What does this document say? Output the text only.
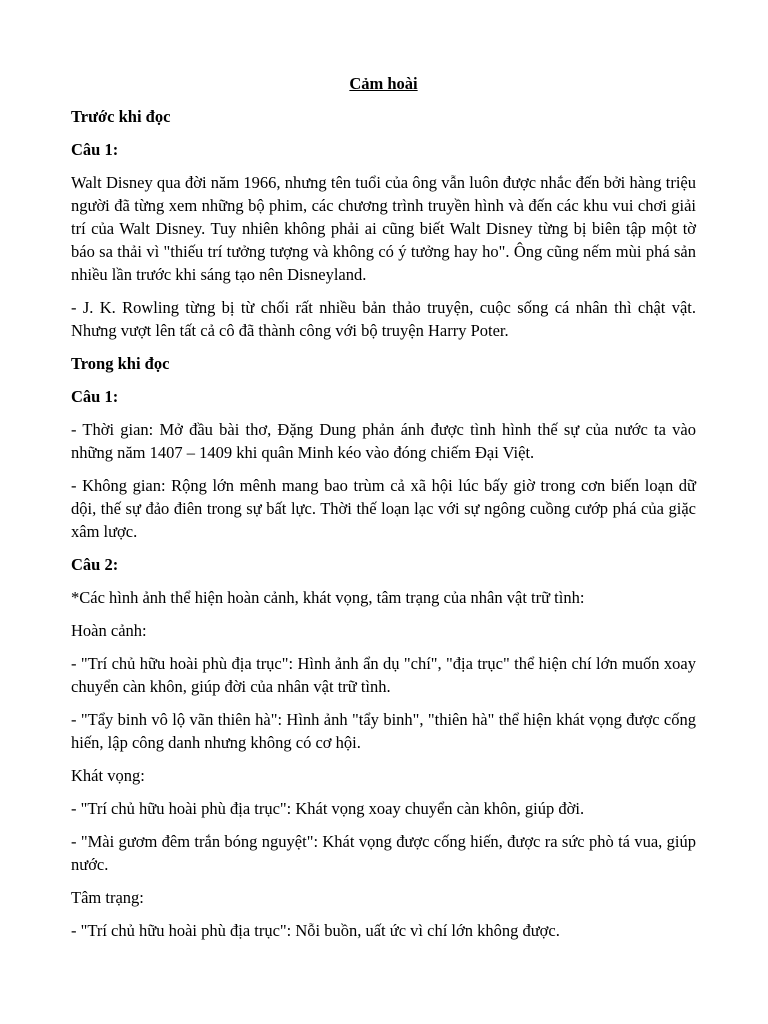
Cảm hoài
Trước khi đọc
Câu 1:
Walt Disney qua đời năm 1966, nhưng tên tuổi của ông vẫn luôn được nhắc đến bởi hàng triệu người đã từng xem những bộ phim, các chương trình truyền hình và đến các khu vui chơi giải trí của Walt Disney. Tuy nhiên không phải ai cũng biết Walt Disney từng bị biên tập một tờ báo sa thải vì "thiếu trí tưởng tượng và không có ý tưởng hay ho". Ông cũng nếm mùi phá sản nhiều lần trước khi sáng tạo nên Disneyland.
- J. K. Rowling từng bị từ chối rất nhiều bản thảo truyện, cuộc sống cá nhân thì chật vật. Nhưng vượt lên tất cả cô đã thành công với bộ truyện Harry Poter.
Trong khi đọc
Câu 1:
- Thời gian: Mở đầu bài thơ, Đặng Dung phản ánh được tình hình thế sự của nước ta vào những năm 1407 – 1409 khi quân Minh kéo vào đóng chiếm Đại Việt.
- Không gian: Rộng lớn mênh mang bao trùm cả xã hội lúc bấy giờ trong cơn biến loạn dữ dội, thế sự đảo điên trong sự bất lực. Thời thế loạn lạc với sự ngông cuồng cướp phá của giặc xâm lược.
Câu 2:
*Các hình ảnh thể hiện hoàn cảnh, khát vọng, tâm trạng của nhân vật trữ tình:
Hoàn cảnh:
- "Trí chủ hữu hoài phù địa trục": Hình ảnh ẩn dụ "chí", "địa trục" thể hiện chí lớn muốn xoay chuyển càn khôn, giúp đời của nhân vật trữ tình.
- "Tẩy binh vô lộ vãn thiên hà": Hình ảnh "tẩy binh", "thiên hà" thể hiện khát vọng được cống hiến, lập công danh nhưng không có cơ hội.
Khát vọng:
- "Trí chủ hữu hoài phù địa trục": Khát vọng xoay chuyển càn khôn, giúp đời.
- "Mài gươm đêm trắn bóng nguyệt": Khát vọng được cống hiến, được ra sức phò tá vua, giúp nước.
Tâm trạng:
- "Trí chủ hữu hoài phù địa trục": Nỗi buồn, uất ức vì chí lớn không được.
